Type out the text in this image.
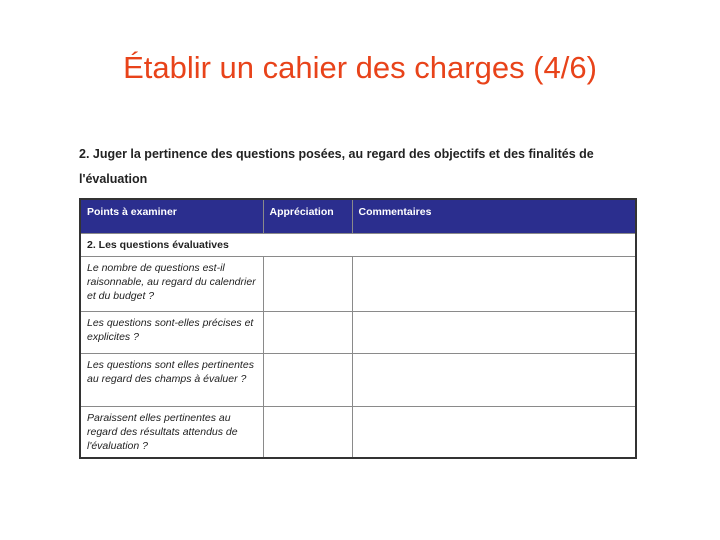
Établir un cahier des charges (4/6)
2. Juger la pertinence des questions posées, au regard des objectifs et des finalités de l'évaluation
Points à examiner	Appréciation	Commentaires
2. Les questions évaluatives		
Le nombre de questions est-il raisonnable, au regard du calendrier et du budget ?		
Les questions sont-elles précises et explicites ?		
Les questions sont elles pertinentes au regard des champs à évaluer ?		
Paraissent elles pertinentes au regard des résultats attendus de l'évaluation ?		
